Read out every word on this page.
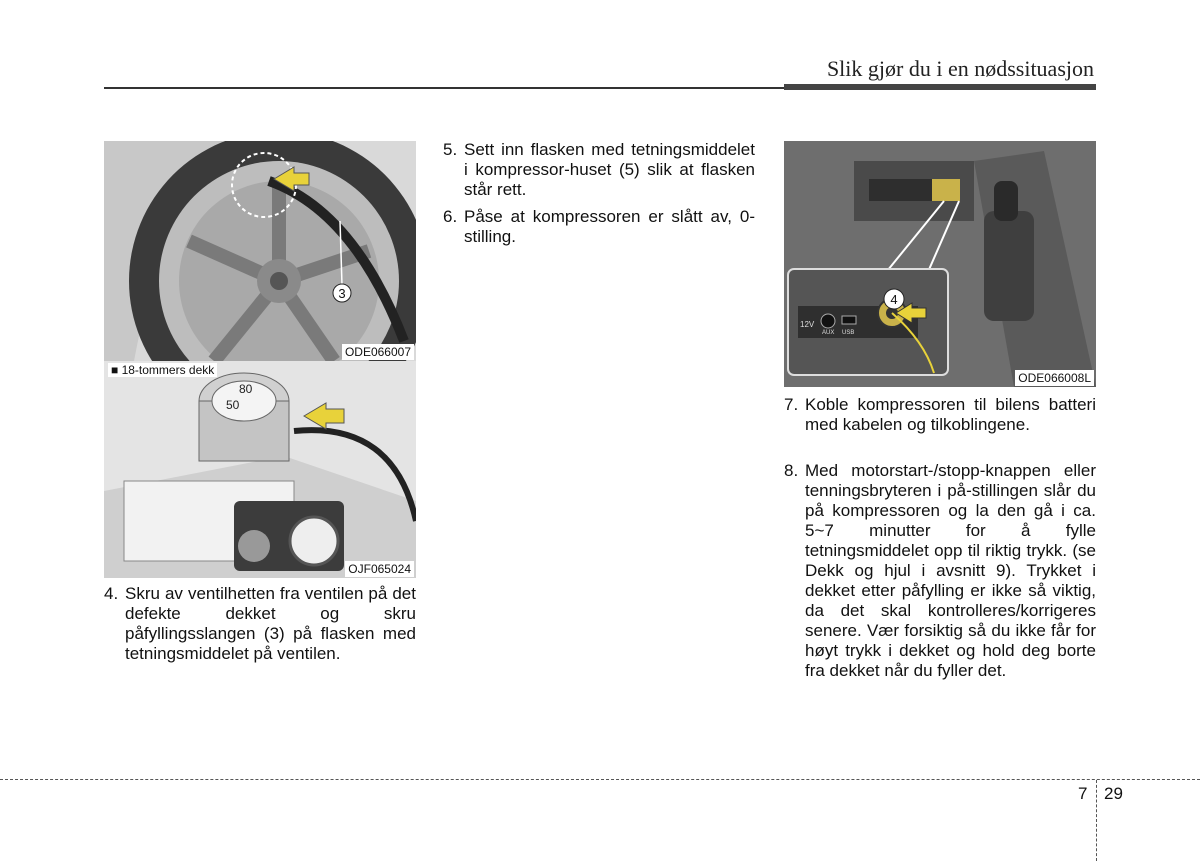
Slik gjør du i en nødssituasjon
3
ODE066007
80
50
■ 18-tommers dekk
OJF065024
12V
AUX USB
4
ODE066008L
4. Skru av ventilhetten fra ventilen på det defekte dekket og skru påfyllingsslangen (3) på flasken med tetningsmiddelet på ventilen.
5. Sett inn flasken med tetningsmiddelet i kompressor-huset (5) slik at flasken står rett.
6. Påse at kompressoren er slått av, 0-stilling.
7. Koble kompressoren til bilens batteri med kabelen og tilkoblingene.
8. Med motorstart-/stopp-knappen eller tenningsbryteren i på-stillingen slår du på kompressoren og la den gå i ca. 5~7 minutter for å fylle tetningsmiddelet opp til riktig trykk. (se Dekk og hjul i avsnitt 9). Trykket i dekket etter påfylling er ikke så viktig, da det skal kontrolleres/korrigeres senere. Vær forsiktig så du ikke får for høyt trykk i dekket og hold deg borte fra dekket når du fyller det.
7 29
